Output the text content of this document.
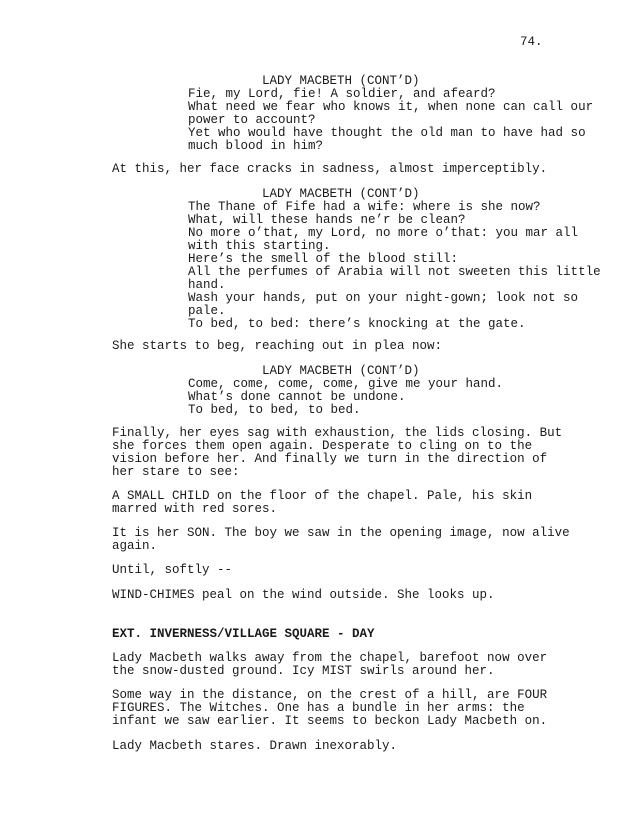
74.
LADY MACBETH (CONT’D)
Fie, my Lord, fie! A soldier, and afeard?
What need we fear who knows it, when none can call our
power to account?
Yet who would have thought the old man to have had so
much blood in him?
At this, her face cracks in sadness, almost imperceptibly.
LADY MACBETH (CONT’D)
The Thane of Fife had a wife: where is she now?
What, will these hands ne’r be clean?
No more o’that, my Lord, no more o’that: you mar all
with this starting.
Here’s the smell of the blood still:
All the perfumes of Arabia will not sweeten this little
hand.
Wash your hands, put on your night-gown; look not so
pale.
To bed, to bed: there’s knocking at the gate.
She starts to beg, reaching out in plea now:
LADY MACBETH (CONT’D)
Come, come, come, come, give me your hand.
What’s done cannot be undone.
To bed, to bed, to bed.
Finally, her eyes sag with exhaustion, the lids closing. But
she forces them open again. Desperate to cling on to the
vision before her. And finally we turn in the direction of
her stare to see:
A SMALL CHILD on the floor of the chapel. Pale, his skin
marred with red sores.
It is her SON. The boy we saw in the opening image, now alive
again.
Until, softly --
WIND-CHIMES peal on the wind outside. She looks up.
EXT. INVERNESS/VILLAGE SQUARE - DAY
Lady Macbeth walks away from the chapel, barefoot now over
the snow-dusted ground. Icy MIST swirls around her.
Some way in the distance, on the crest of a hill, are FOUR
FIGURES. The Witches. One has a bundle in her arms: the
infant we saw earlier. It seems to beckon Lady Macbeth on.
Lady Macbeth stares. Drawn inexorably.
